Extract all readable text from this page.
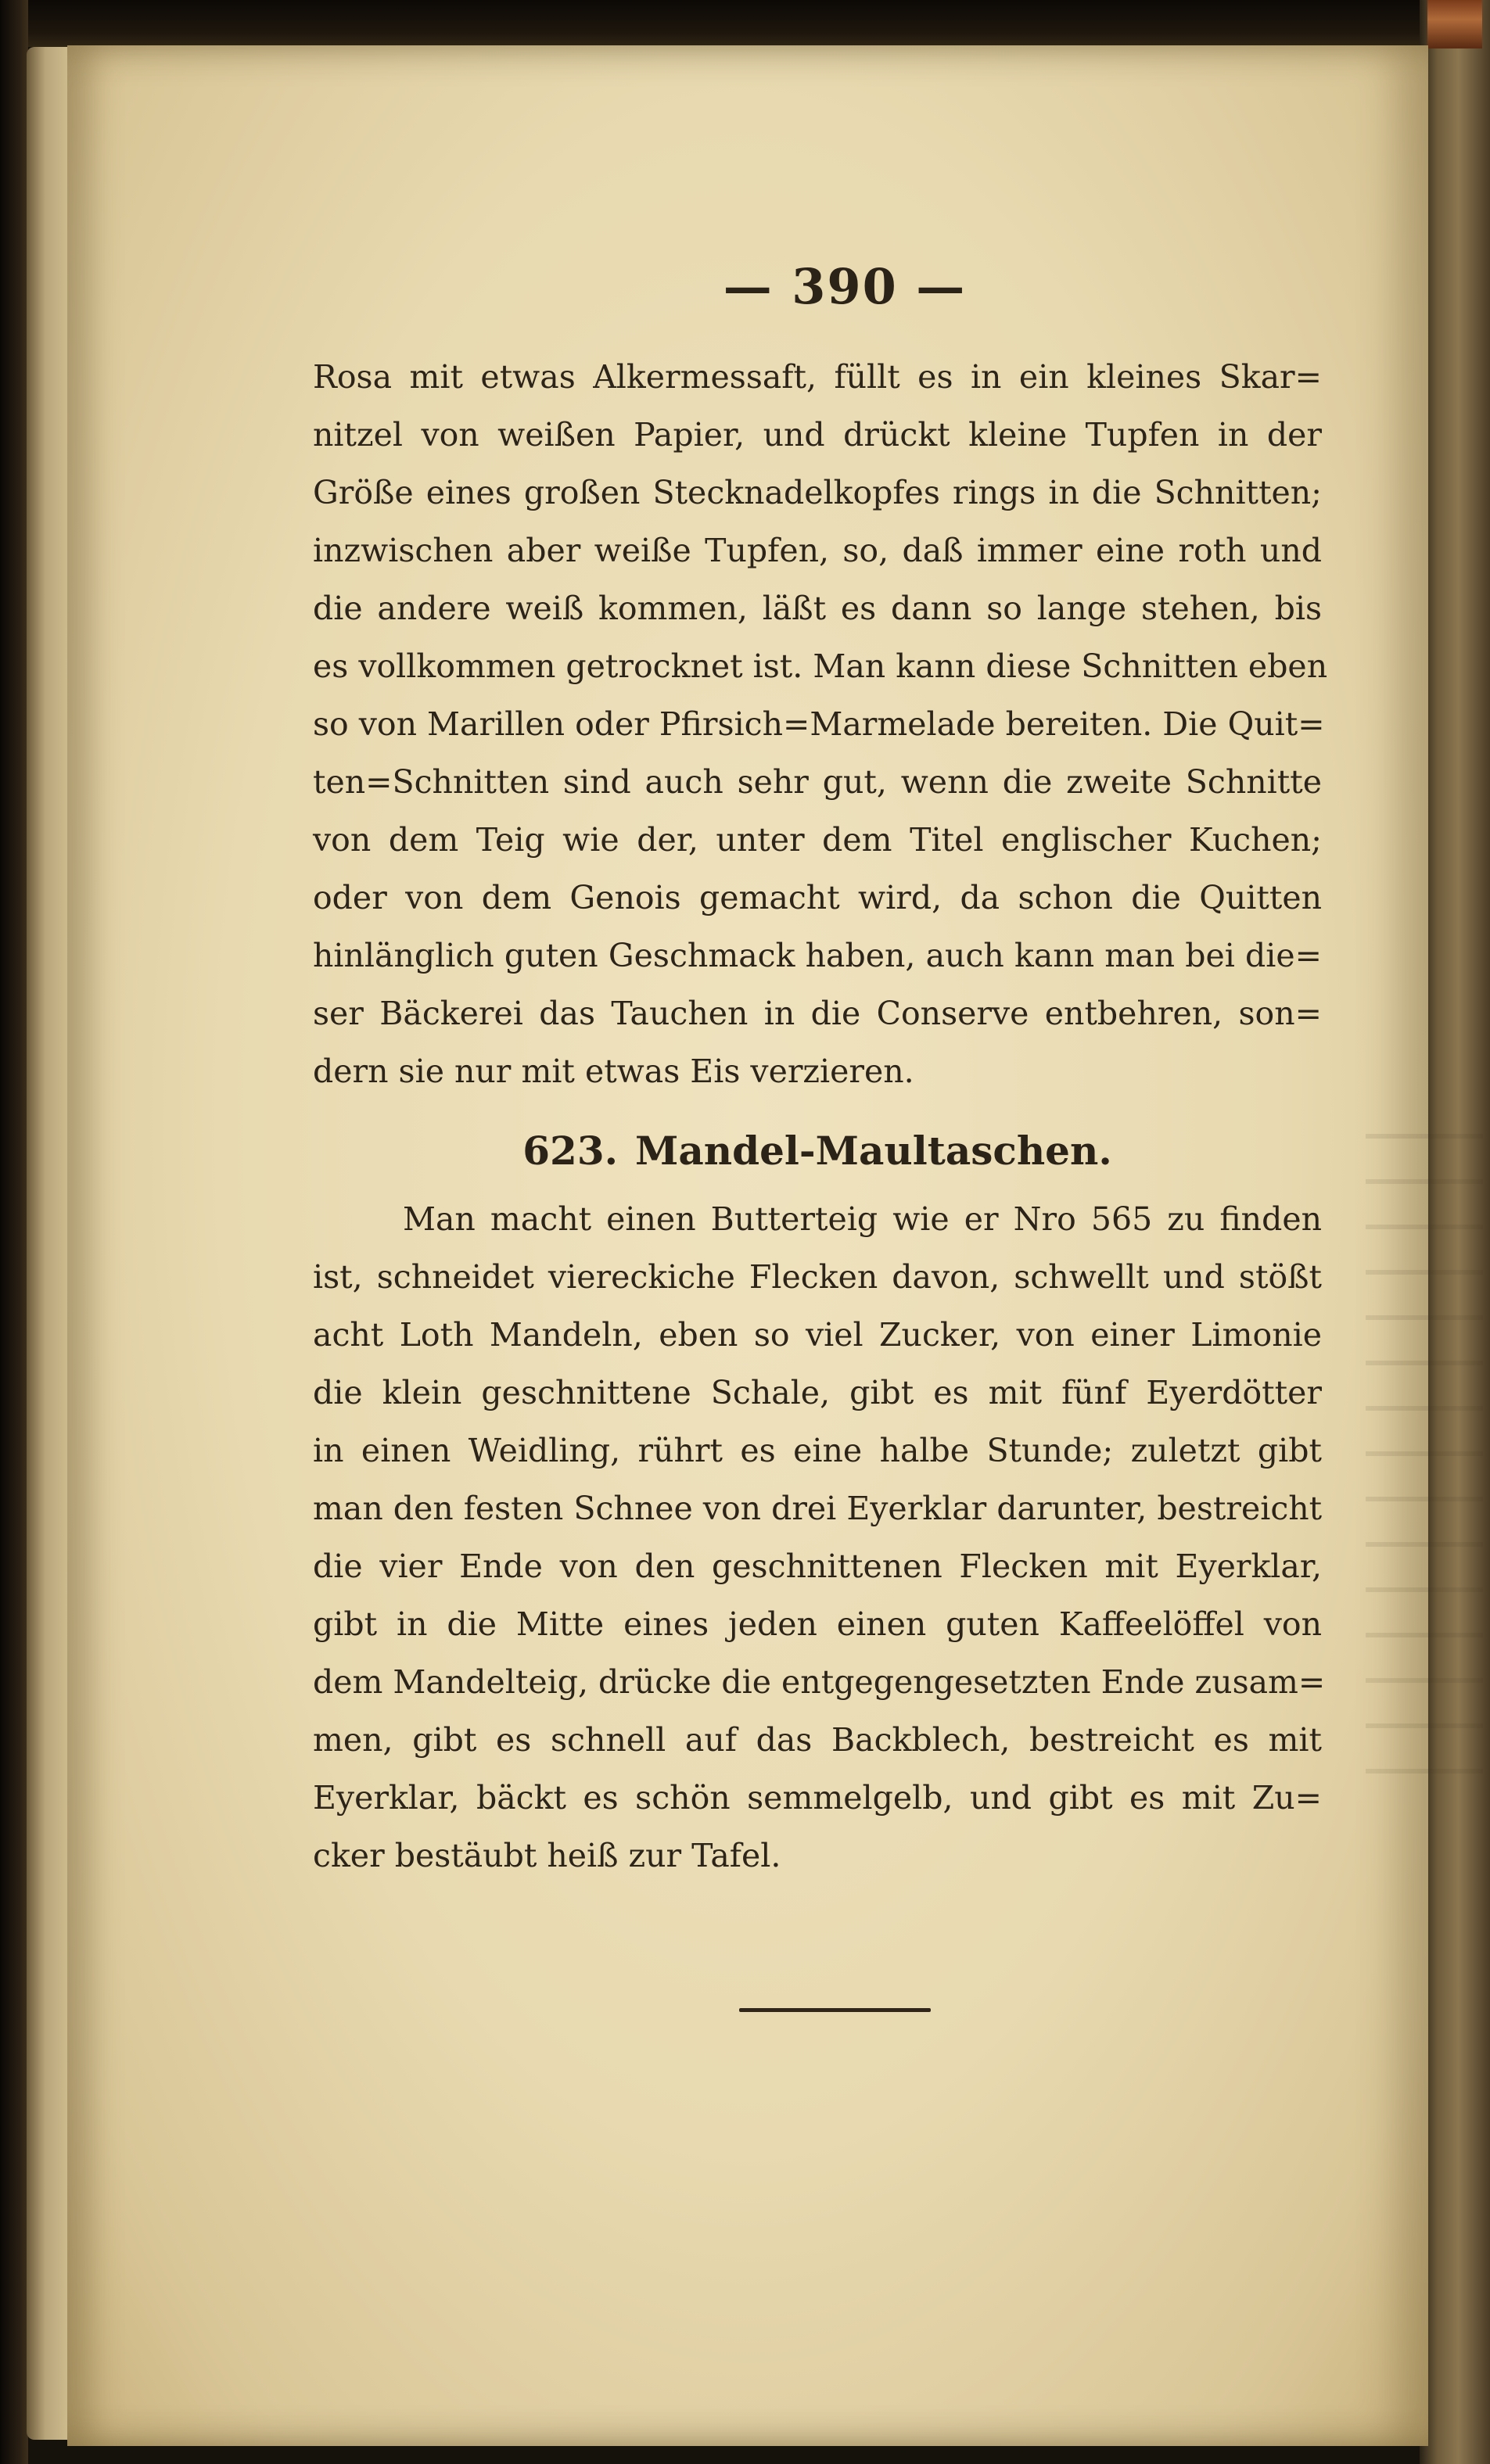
— 390 —
Rosa mit etwas Alkermessaft, füllt es in ein kleines Skar=
nitzel von weißen Papier, und drückt kleine Tupfen in der
Größe eines großen Stecknadelkopfes rings in die Schnitten;
inzwischen aber weiße Tupfen, so, daß immer eine roth und
die andere weiß kommen, läßt es dann so lange stehen, bis
es vollkommen getrocknet ist. Man kann diese Schnitten eben
so von Marillen oder Pfirsich=Marmelade bereiten. Die Quit=
ten=Schnitten sind auch sehr gut, wenn die zweite Schnitte
von dem Teig wie der, unter dem Titel englischer Kuchen;
oder von dem Genois gemacht wird, da schon die Quitten
hinlänglich guten Geschmack haben, auch kann man bei die=
ser Bäckerei das Tauchen in die Conserve entbehren, son=
dern sie nur mit etwas Eis verzieren.
623. Mandel-Maultaschen.
Man macht einen Butterteig wie er Nro 565 zu finden
ist, schneidet viereckiche Flecken davon, schwellt und stößt
acht Loth Mandeln, eben so viel Zucker, von einer Limonie
die klein geschnittene Schale, gibt es mit fünf Eyerdötter
in einen Weidling, rührt es eine halbe Stunde; zuletzt gibt
man den festen Schnee von drei Eyerklar darunter, bestreicht
die vier Ende von den geschnittenen Flecken mit Eyerklar,
gibt in die Mitte eines jeden einen guten Kaffeelöffel von
dem Mandelteig, drücke die entgegengesetzten Ende zusam=
men, gibt es schnell auf das Backblech, bestreicht es mit
Eyerklar, bäckt es schön semmelgelb, und gibt es mit Zu=
cker bestäubt heiß zur Tafel.
